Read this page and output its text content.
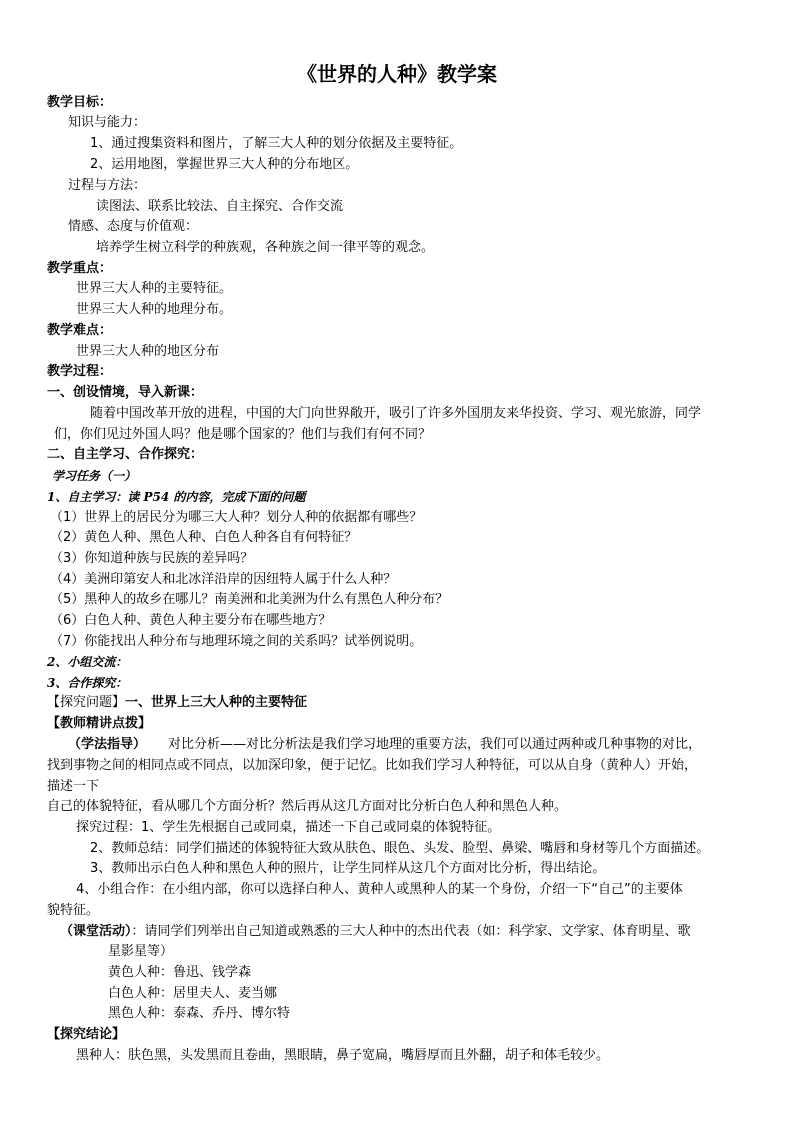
《世界的人种》教学案
教学目标：
知识与能力：
1、通过搜集资料和图片，了解三大人种的划分依据及主要特征。
2、运用地图，掌握世界三大人种的分布地区。
过程与方法：
读图法、联系比较法、自主探究、合作交流
情感、态度与价值观：
培养学生树立科学的种族观，各种族之间一律平等的观念。
教学重点：
世界三大人种的主要特征。
世界三大人种的地理分布。
教学难点：
世界三大人种的地区分布
教学过程：
一、创设情境，导入新课：
随着中国改革开放的进程，中国的大门向世界敞开，吸引了许多外国朋友来华投资、学习、观光旅游，同学
们，你们见过外国人吗？他是哪个国家的？他们与我们有何不同？
二、自主学习、合作探究：
学习任务（一）
1、自主学习：读 P54 的内容，完成下面的问题
（1）世界上的居民分为哪三大人种？划分人种的依据都有哪些？
（2）黄色人种、黑色人种、白色人种各自有何特征？
（3）你知道种族与民族的差异吗？
（4）美洲印第安人和北冰洋沿岸的因纽特人属于什么人种？
（5）黑种人的故乡在哪儿？南美洲和北美洲为什么有黑色人种分布？
（6）白色人种、黄色人种主要分布在哪些地方？
（7）你能找出人种分布与地理环境之间的关系吗？试举例说明。
2、小组交流：
3、合作探究：
【探究问题】一、世界上三大人种的主要特征
【教师精讲点拨】
（学法指导） 对比分析——对比分析法是我们学习地理的重要方法，我们可以通过两种或几种事物的对比，
找到事物之间的相同点或不同点，以加深印象，便于记忆。比如我们学习人种特征，可以从自身（黄种人）开始，
描述一下
自己的体貌特征，看从哪几个方面分析？然后再从这几方面对比分析白色人种和黑色人种。
探究过程：1、学生先根据自己或同桌，描述一下自己或同桌的体貌特征。
2、教师总结：同学们描述的体貌特征大致从肤色、眼色、头发、脸型、鼻梁、嘴唇和身材等几个方面描述。
3、教师出示白色人种和黑色人种的照片，让学生同样从这几个方面对比分析，得出结论。
4、小组合作：在小组内部，你可以选择白种人、黄种人或黑种人的某一个身份，介绍一下“自己”的主要体
貌特征。
（课堂活动）：请同学们列举出自己知道或熟悉的三大人种中的杰出代表（如：科学家、文学家、体育明星、歌
星影星等）
黄色人种：鲁迅、钱学森
白色人种：居里夫人、麦当娜
黑色人种：泰森、乔丹、博尔特
【探究结论】
黑种人：肤色黑，头发黑而且卷曲，黑眼睛，鼻子宽扁，嘴唇厚而且外翻，胡子和体毛较少。
